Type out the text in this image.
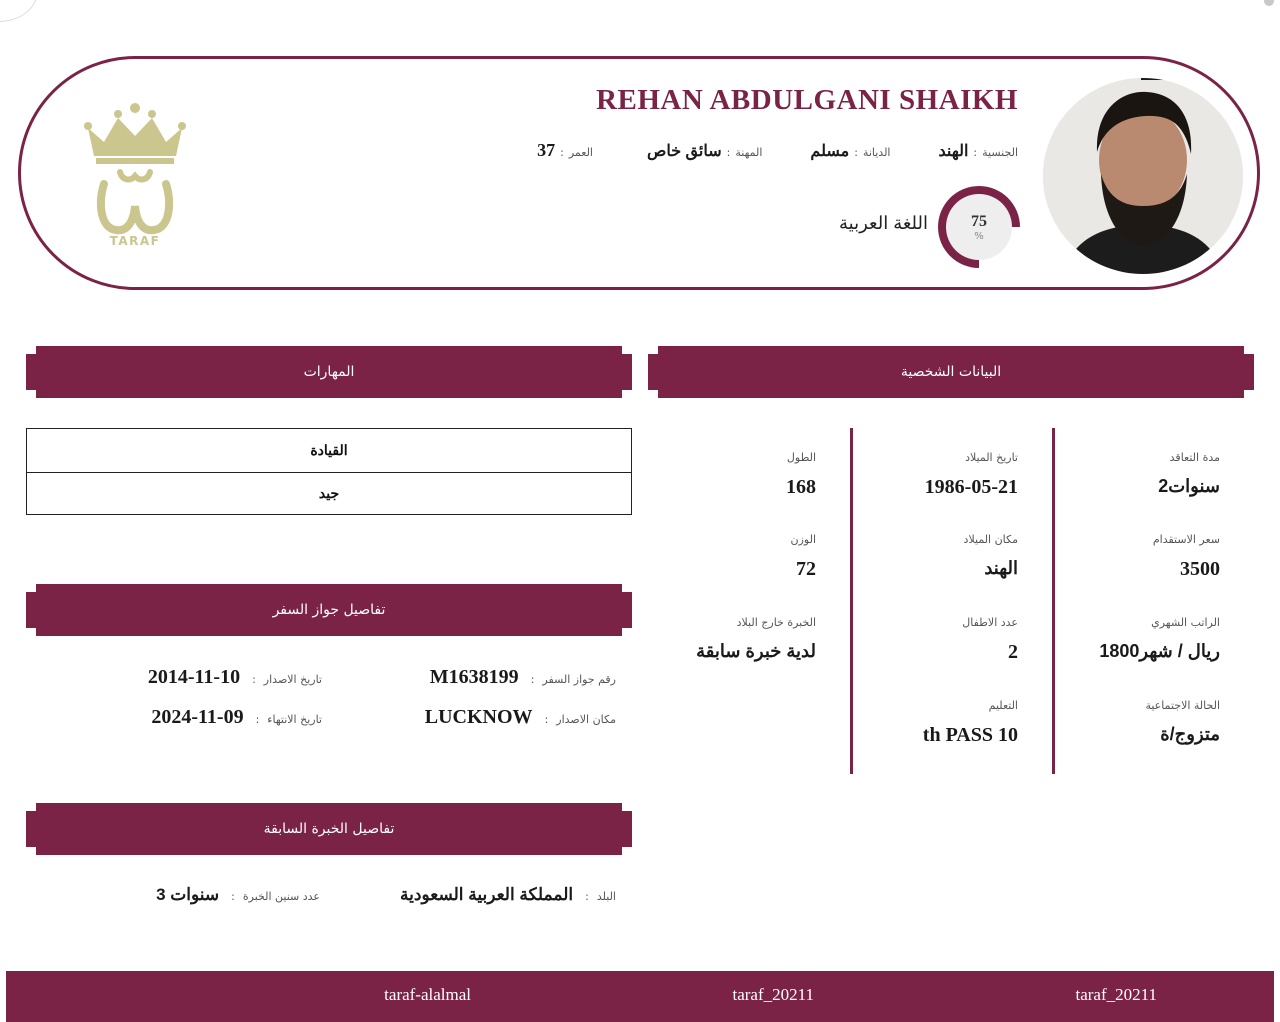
REHAN ABDULGANI SHAIKH
الجنسية
:
الهند
الديانة
:
مسلم
المهنة
:
سائق خاص
العمر
:
37
75
%
اللغة العربية
TARAF
البيانات الشخصية
المهارات
تفاصيل جواز السفر
تفاصيل الخبرة السابقة
مدة التعاقد
2سنوات
سعر الاستقدام
3500
الراتب الشهري
1800ريال / شهر
الحالة الاجتماعية
متزوج/ة
تاريخ الميلاد
1986-05-21
مكان الميلاد
الهند
عدد الاطفال
2
التعليم
th PASS 10
الطول
168
الوزن
72
الخبرة خارج البلاد
لدية خبرة سابقة
القيادة
جيد
رقم جواز السفر
:
M1638199
تاريخ الاصدار
:
2014-11-10
مكان الاصدار
:
LUCKNOW
تاريخ الانتهاء
:
2024-11-09
البلد
:
المملكة العربية السعودية
عدد سنين الخبرة
:
3 سنوات
taraf_20211
taraf_20211
taraf-alalmal
